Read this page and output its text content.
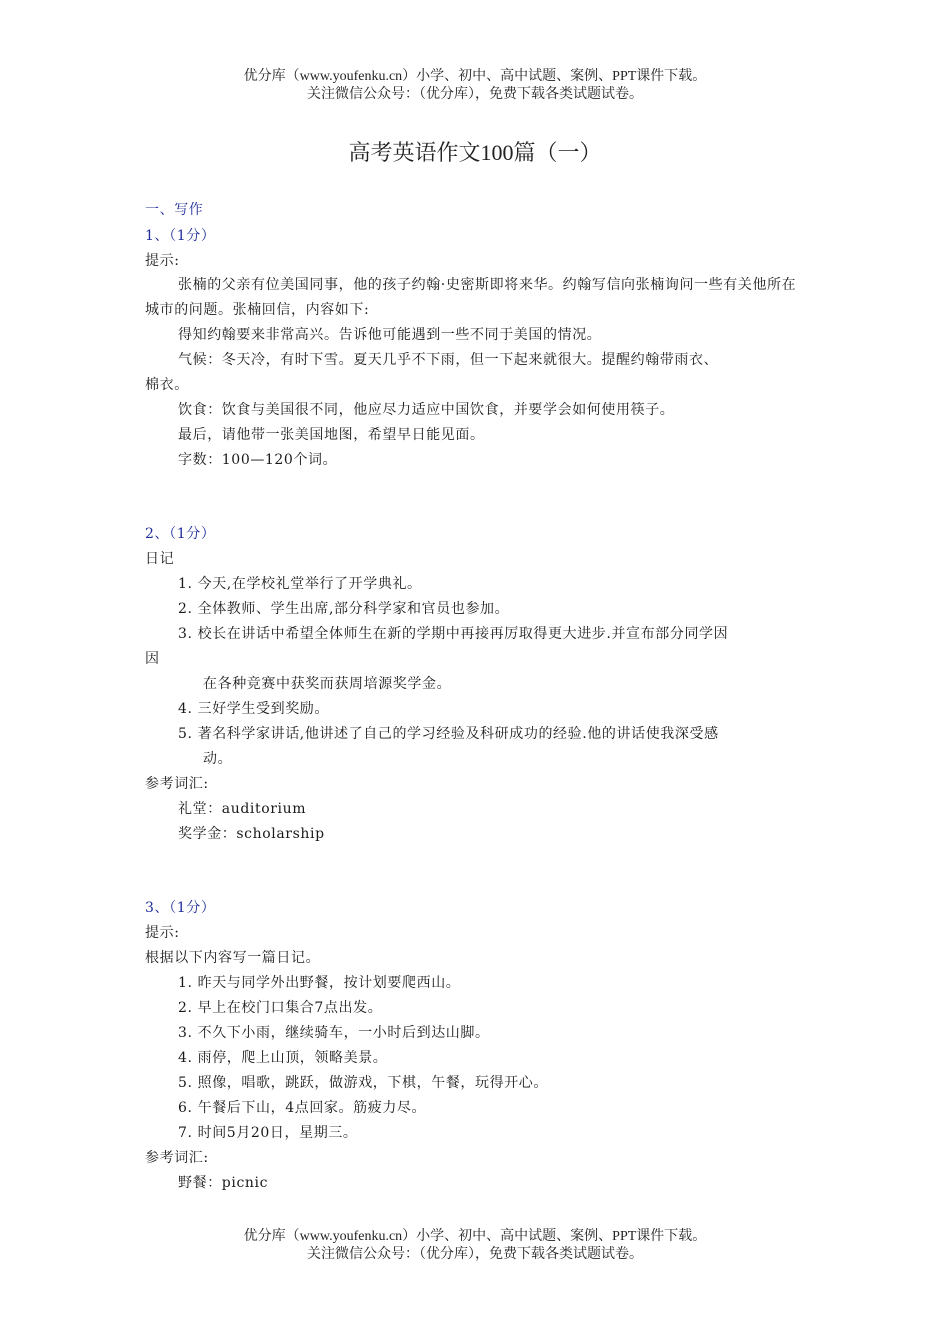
优分库（www.youfenku.cn）小学、初中、高中试题、案例、PPT课件下载。
关注微信公众号：（优分库），免费下载各类试题试卷。
高考英语作文100篇（一）
一、写作
1、（1分）
提示:
张楠的父亲有位美国同事，他的孩子约翰·史密斯即将来华。约翰写信向张楠询问一些有关他所在城市的问题。张楠回信，内容如下:
得知约翰要来非常高兴。告诉他可能遇到一些不同于美国的情况。
气候：冬天冷，有时下雪。夏天几乎不下雨，但一下起来就很大。提醒约翰带雨衣、
棉衣。
饮食：饮食与美国很不同，他应尽力适应中国饮食，并要学会如何使用筷子。
最后，请他带一张美国地图，希望早日能见面。
字数：100—120个词。
2、（1分）
日记
1. 今天,在学校礼堂举行了开学典礼。
2. 全体教师、学生出席,部分科学家和官员也参加。
3. 校长在讲话中希望全体师生在新的学期中再接再厉取得更大进步.并宣布部分同学因
因
在各种竞赛中获奖而获周培源奖学金。
4. 三好学生受到奖励。
5. 著名科学家讲话,他讲述了自己的学习经验及科研成功的经验.他的讲话使我深受感
动。
参考词汇:
礼堂：auditorium
奖学金：scholarship
3、（1分）
提示:
根据以下内容写一篇日记。
1. 昨天与同学外出野餐，按计划要爬西山。
2. 早上在校门口集合7点出发。
3. 不久下小雨，继续骑车，一小时后到达山脚。
4. 雨停，爬上山顶，领略美景。
5. 照像，唱歌，跳跃，做游戏，下棋，午餐，玩得开心。
6. 午餐后下山，4点回家。筋疲力尽。
7. 时间5月20日，星期三。
参考词汇:
野餐：picnic
优分库（www.youfenku.cn）小学、初中、高中试题、案例、PPT课件下载。
关注微信公众号：（优分库），免费下载各类试题试卷。
